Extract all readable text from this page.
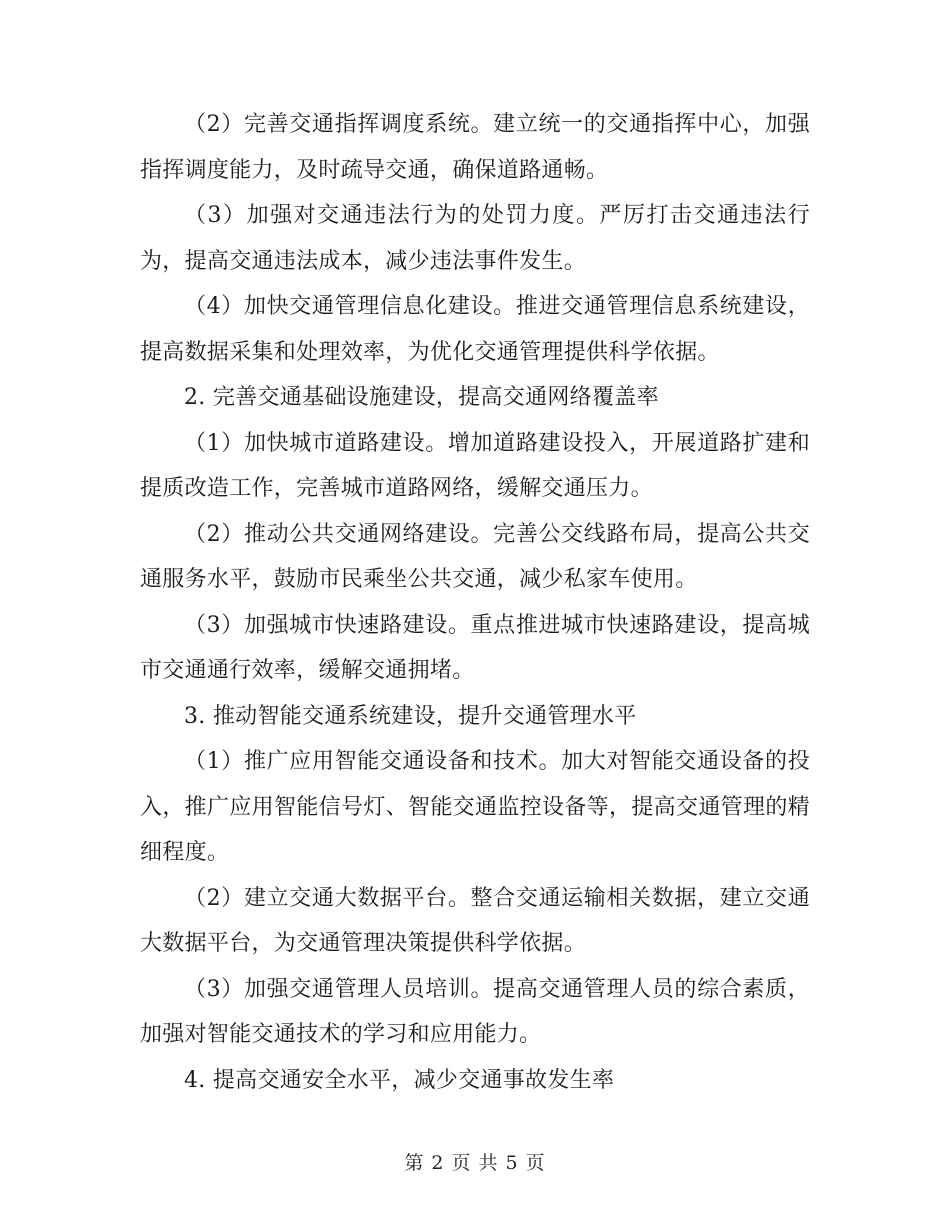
（2）完善交通指挥调度系统。建立统一的交通指挥中心，加强指挥调度能力，及时疏导交通，确保道路通畅。

（3）加强对交通违法行为的处罚力度。严厉打击交通违法行为，提高交通违法成本，减少违法事件发生。

（4）加快交通管理信息化建设。推进交通管理信息系统建设，提高数据采集和处理效率，为优化交通管理提供科学依据。

2. 完善交通基础设施建设，提高交通网络覆盖率

（1）加快城市道路建设。增加道路建设投入，开展道路扩建和提质改造工作，完善城市道路网络，缓解交通压力。

（2）推动公共交通网络建设。完善公交线路布局，提高公共交通服务水平，鼓励市民乘坐公共交通，减少私家车使用。

（3）加强城市快速路建设。重点推进城市快速路建设，提高城市交通通行效率，缓解交通拥堵。

3. 推动智能交通系统建设，提升交通管理水平

（1）推广应用智能交通设备和技术。加大对智能交通设备的投入，推广应用智能信号灯、智能交通监控设备等，提高交通管理的精细程度。

（2）建立交通大数据平台。整合交通运输相关数据，建立交通大数据平台，为交通管理决策提供科学依据。

（3）加强交通管理人员培训。提高交通管理人员的综合素质，加强对智能交通技术的学习和应用能力。

4. 提高交通安全水平，减少交通事故发生率

第 2 页 共 5 页
